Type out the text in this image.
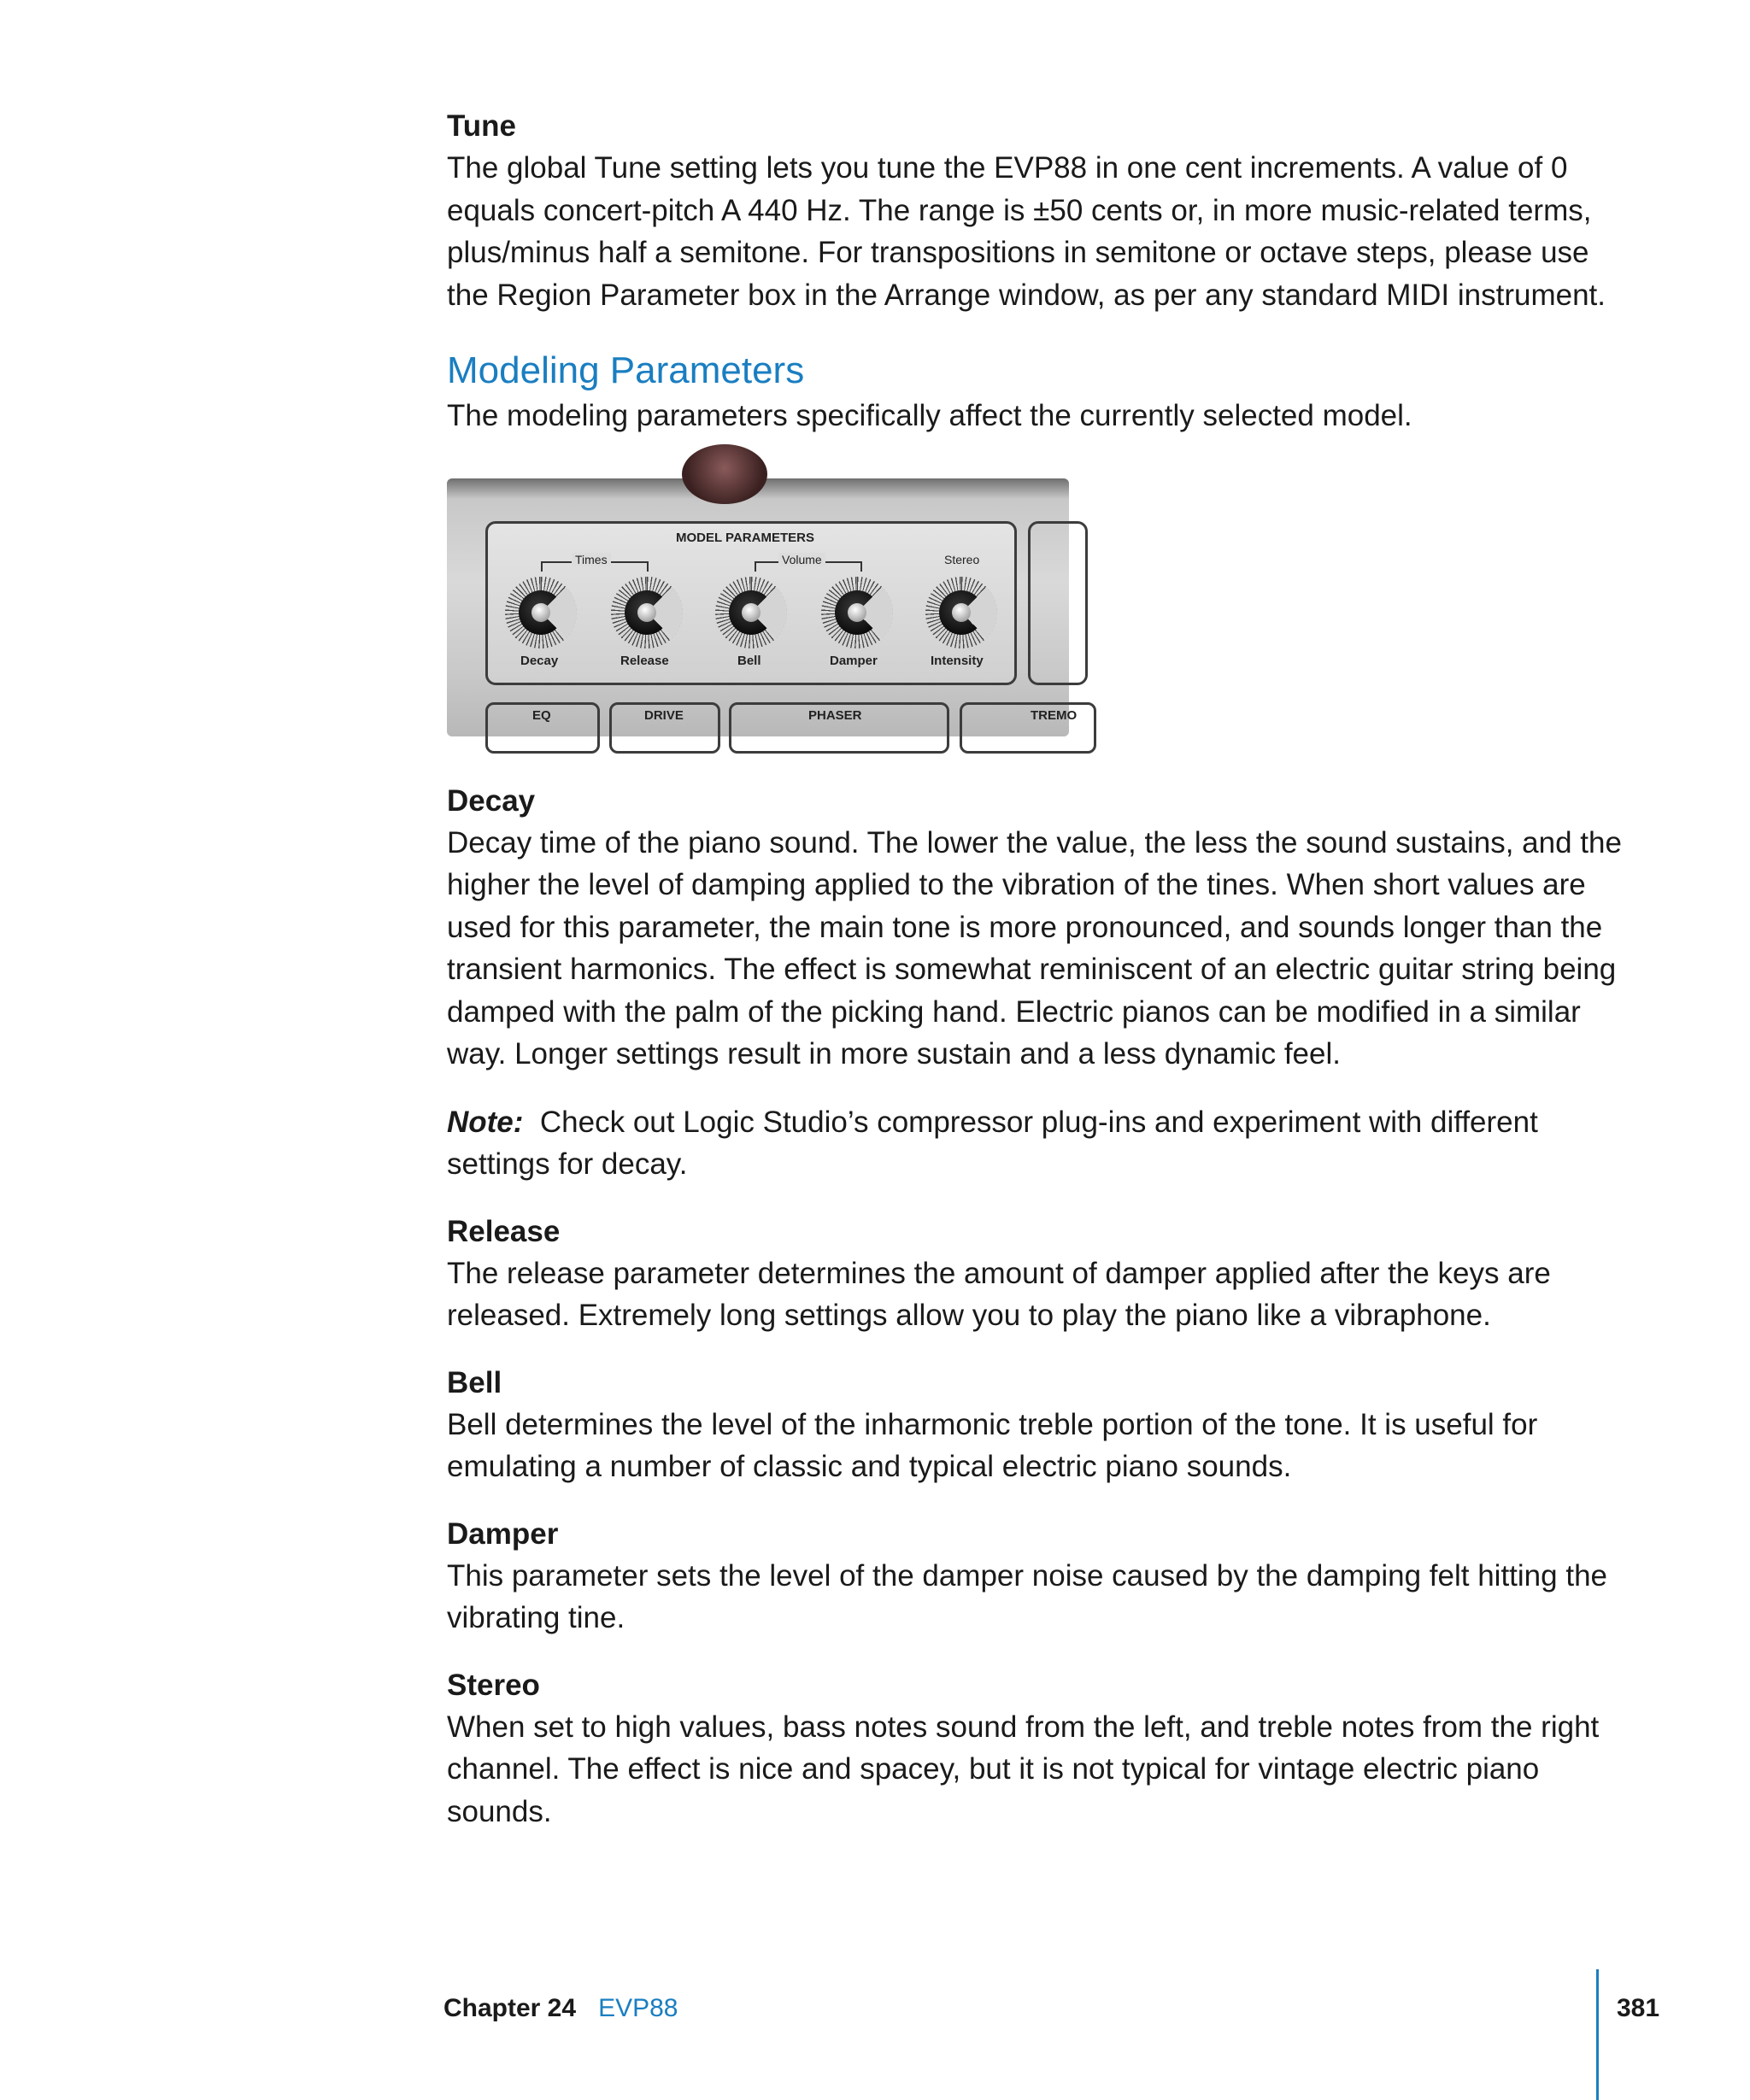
Tune

The global Tune setting lets you tune the EVP88 in one cent increments. A value of 0 equals concert-pitch A 440 Hz. The range is ±50 cents or, in more music-related terms, plus/minus half a semitone. For transpositions in semitone or octave steps, please use the Region Parameter box in the Arrange window, as per any standard MIDI instrument.

Modeling Parameters

The modeling parameters specifically affect the currently selected model.

MODEL PARAMETERS
Times	Volume	Stereo
Decay	Release	Bell	Damper	Intensity
EQ	DRIVE	PHASER	TREMO

Decay

Decay time of the piano sound. The lower the value, the less the sound sustains, and the higher the level of damping applied to the vibration of the tines. When short values are used for this parameter, the main tone is more pronounced, and sounds longer than the transient harmonics. The effect is somewhat reminiscent of an electric guitar string being damped with the palm of the picking hand. Electric pianos can be modified in a similar way. Longer settings result in more sustain and a less dynamic feel.

Note: Check out Logic Studio’s compressor plug-ins and experiment with different settings for decay.

Release

The release parameter determines the amount of damper applied after the keys are released. Extremely long settings allow you to play the piano like a vibraphone.

Bell

Bell determines the level of the inharmonic treble portion of the tone. It is useful for emulating a number of classic and typical electric piano sounds.

Damper

This parameter sets the level of the damper noise caused by the damping felt hitting the vibrating tine.

Stereo

When set to high values, bass notes sound from the left, and treble notes from the right channel. The effect is nice and spacey, but it is not typical for vintage electric piano sounds.

Chapter 24 EVP88	381
